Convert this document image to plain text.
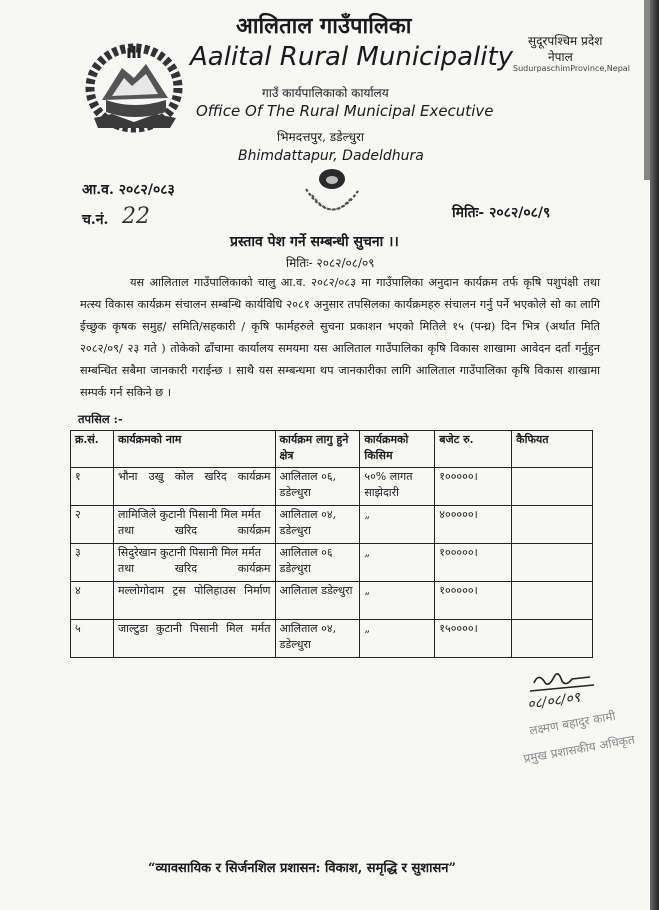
आलिताल गाउँपालिका
Aalital Rural Municipality
गाउँ कार्यपालिकाको कार्यालय
Office Of The Rural Municipal Executive
भिमदत्तपुर, डडेल्धुरा
Bhimdattapur, Dadeldhura
सुदूरपश्चिम प्रदेश
नेपाल
SudurpaschimProvince,Nepal
आ.व. २०८२/०८३
च.नं. 22	मितिः- २०८२/०८/९
प्रस्ताव पेश गर्ने सम्बन्धी सुचना ।।
मितिः- २०८२/०८/०९

यस आलिताल गाउँपालिकाको चालु आ.व. २०८२/०८३ मा गाउँपालिका अनुदान कार्यक्रम तर्फ कृषि पशुपंक्षी तथा मत्स्य विकास कार्यक्रम संचालन सम्बन्धि कार्यविधि २०८१ अनुसार तपसिलका कार्यक्रमहरु संचालन गर्नु पर्ने भएकोले सो का लागि ईच्छुक कृषक समुह/ समिति/सहकारी / कृषि फार्महरुले सुचना प्रकाशन भएको मितिले १५ (पन्ध्र) दिन भित्र (अर्थात मिति २०८२/०९/ २३ गते ) तोकेको ढाँचामा कार्यालय समयमा यस आलिताल गाउँपालिका कृषि विकास शाखामा आवेदन दर्ता गर्नुहुन सम्बन्धित सबैमा जानकारी गराईन्छ । साथै यस सम्बन्धमा थप जानकारीका लागि आलिताल गाउँपालिका कृषि विकास शाखामा सम्पर्क गर्न सकिने छ ।

तपसिल :-
क्र.सं.	कार्यक्रमको नाम	कार्यक्रम लागु हुने क्षेत्र	कार्यक्रमको किसिम	बजेट रु.	कैफियत
१	भौना उखु कोल खरिद कार्यक्रम	आलिताल ०६, डडेल्धुरा	५०% लागत साझेदारी	१०००००।	
२	लामिजिले कुटानी पिसानी मिल मर्मत तथा खरिद कार्यक्रम	आलिताल ०४, डडेल्धुरा	„	४०००००।	
३	सिदुरेखान कुटानी पिसानी मिल मर्मत तथा खरिद कार्यक्रम	आलिताल ०६ डडेल्धुरा	„	१०००००।	
४	मल्लोगोदाम ट्रस पोलिहाउस निर्माण	आलिताल डडेल्धुरा	„	१०००००।	
५	जाल्टुडा कुटानी पिसानी मिल मर्मत	आलिताल ०४, डडेल्धुरा	„	१५००००।	
०८/०८/०९
लक्ष्मण बहादुर कामी
प्रमुख प्रशासकीय अधिकृत
“व्यावसायिक र सिर्जनशिल प्रशासन: विकाश, समृद्धि र सुशासन”
